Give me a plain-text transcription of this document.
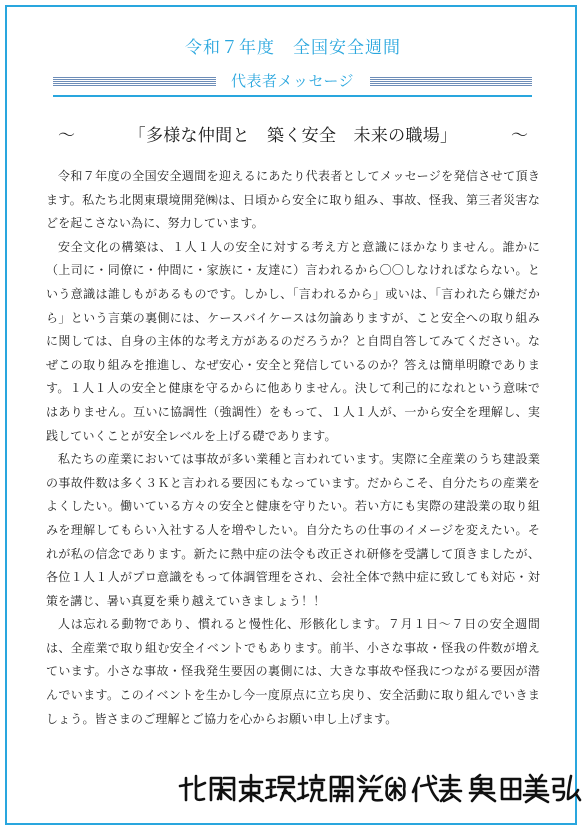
令和７年度　全国安全週間
代表者メッセージ
〜	「多様な仲間と　築く安全　未来の職場」	〜

令和７年度の全国安全週間を迎えるにあたり代表者としてメッセージを発信させて頂きます。私たち北関東環境開発㈱は、日頃から安全に取り組み、事故、怪我、第三者災害などを起こさない為に、努力しています。

安全文化の構築は、１人１人の安全に対する考え方と意識にほかなりません。誰かに（上司に・同僚に・仲間に・家族に・友達に）言われるから〇〇しなければならない。という意識は誰しもがあるものです。しかし、「言われるから」或いは、「言われたら嫌だから」という言葉の裏側には、ケースバイケースは勿論ありますが、こと安全への取り組みに関しては、自身の主体的な考え方があるのだろうか？と自問自答してみてください。なぜこの取り組みを推進し、なぜ安心・安全と発信しているのか？答えは簡単明瞭であります。１人１人の安全と健康を守るからに他ありません。決して利己的になれという意味ではありません。互いに協調性（強調性）をもって、１人１人が、一から安全を理解し、実践していくことが安全レベルを上げる礎であります。

私たちの産業においては事故が多い業種と言われています。実際に全産業のうち建設業の事故件数は多く３Ｋと言われる要因にもなっています。だからこそ、自分たちの産業をよくしたい。働いている方々の安全と健康を守りたい。若い方にも実際の建設業の取り組みを理解してもらい入社する人を増やしたい。自分たちの仕事のイメージを変えたい。それが私の信念であります。新たに熱中症の法令も改正され研修を受講して頂きましたが、各位１人１人がプロ意識をもって体調管理をされ、会社全体で熱中症に致しても対応・対策を講じ、暑い真夏を乗り越えていきましょう！！

人は忘れる動物であり、慣れると慢性化、形骸化します。７月１日〜７日の安全週間は、全産業で取り組む安全イベントでもあります。前半、小さな事故・怪我の件数が増えています。小さな事故・怪我発生要因の裏側には、大きな事故や怪我につながる要因が潜んでいます。このイベントを生かし今一度原点に立ち戻り、安全活動に取り組んでいきましょう。皆さまのご理解とご協力を心からお願い申し上げます。
